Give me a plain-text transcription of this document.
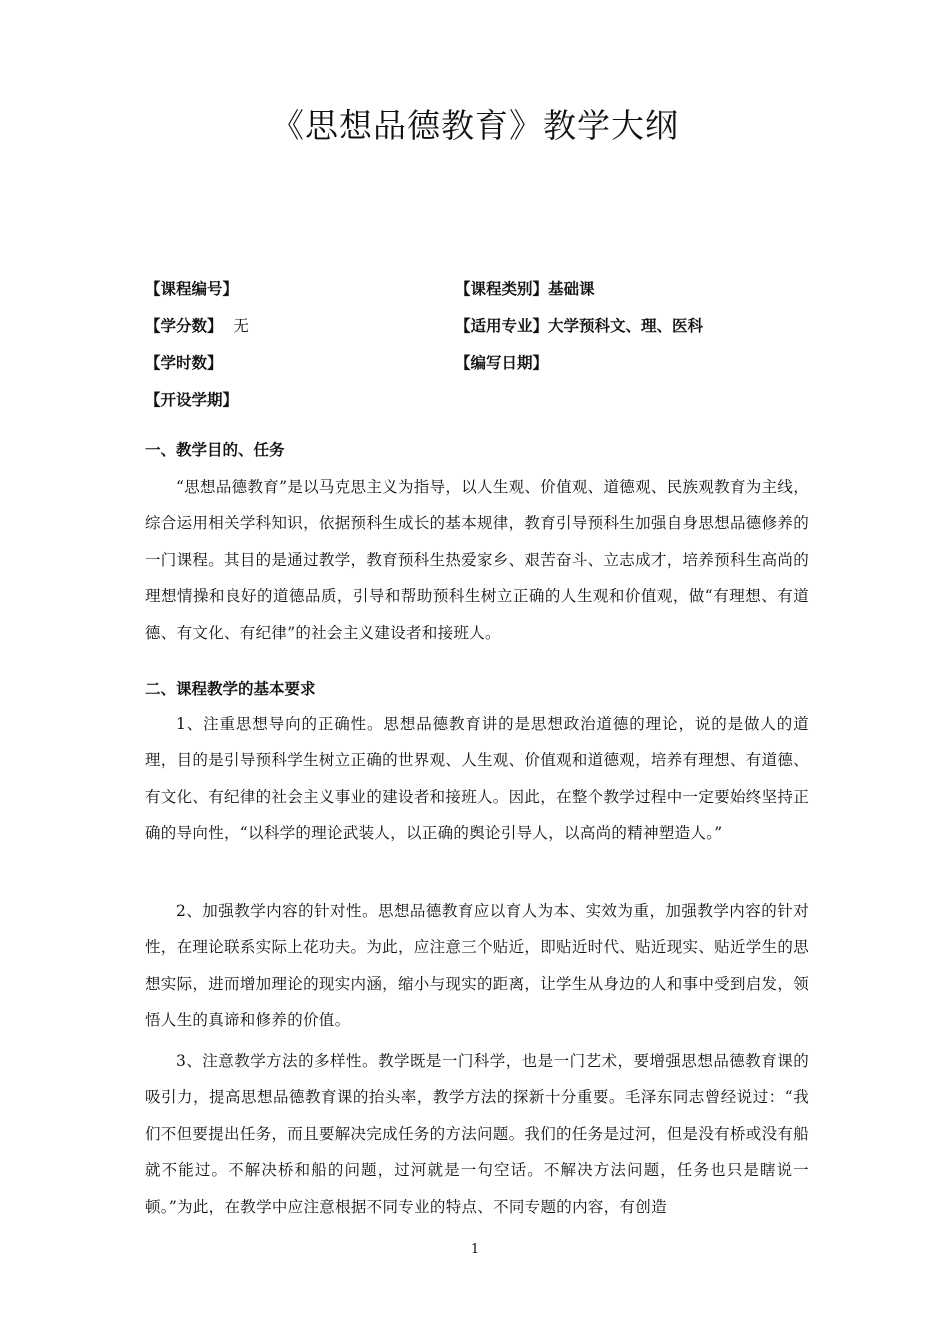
《思想品德教育》教学大纲
【课程编号】	【课程类别】基础课
【学分数】 无	【适用专业】大学预科文、理、医科
【学时数】	【编写日期】
【开设学期】
一、教学目的、任务

“思想品德教育”是以马克思主义为指导，以人生观、价值观、道德观、民族观教育为主线，综合运用相关学科知识，依据预科生成长的基本规律，教育引导预科生加强自身思想品德修养的一门课程。其目的是通过教学，教育预科生热爱家乡、艰苦奋斗、立志成才，培养预科生高尚的理想情操和良好的道德品质，引导和帮助预科生树立正确的人生观和价值观，做“有理想、有道德、有文化、有纪律”的社会主义建设者和接班人。

二、课程教学的基本要求

1、注重思想导向的正确性。思想品德教育讲的是思想政治道德的理论，说的是做人的道理，目的是引导预科学生树立正确的世界观、人生观、价值观和道德观，培养有理想、有道德、有文化、有纪律的社会主义事业的建设者和接班人。因此，在整个教学过程中一定要始终坚持正确的导向性，“以科学的理论武装人，以正确的舆论引导人，以高尚的精神塑造人。”

2、加强教学内容的针对性。思想品德教育应以育人为本、实效为重，加强教学内容的针对性，在理论联系实际上花功夫。为此，应注意三个贴近，即贴近时代、贴近现实、贴近学生的思想实际，进而增加理论的现实内涵，缩小与现实的距离，让学生从身边的人和事中受到启发，领悟人生的真谛和修养的价值。

3、注意教学方法的多样性。教学既是一门科学，也是一门艺术，要增强思想品德教育课的吸引力，提高思想品德教育课的抬头率，教学方法的探新十分重要。毛泽东同志曾经说过：“我们不但要提出任务，而且要解决完成任务的方法问题。我们的任务是过河，但是没有桥或没有船就不能过。不解决桥和船的问题，过河就是一句空话。不解决方法问题，任务也只是瞎说一顿。”为此，在教学中应注意根据不同专业的特点、不同专题的内容，有创造

1
